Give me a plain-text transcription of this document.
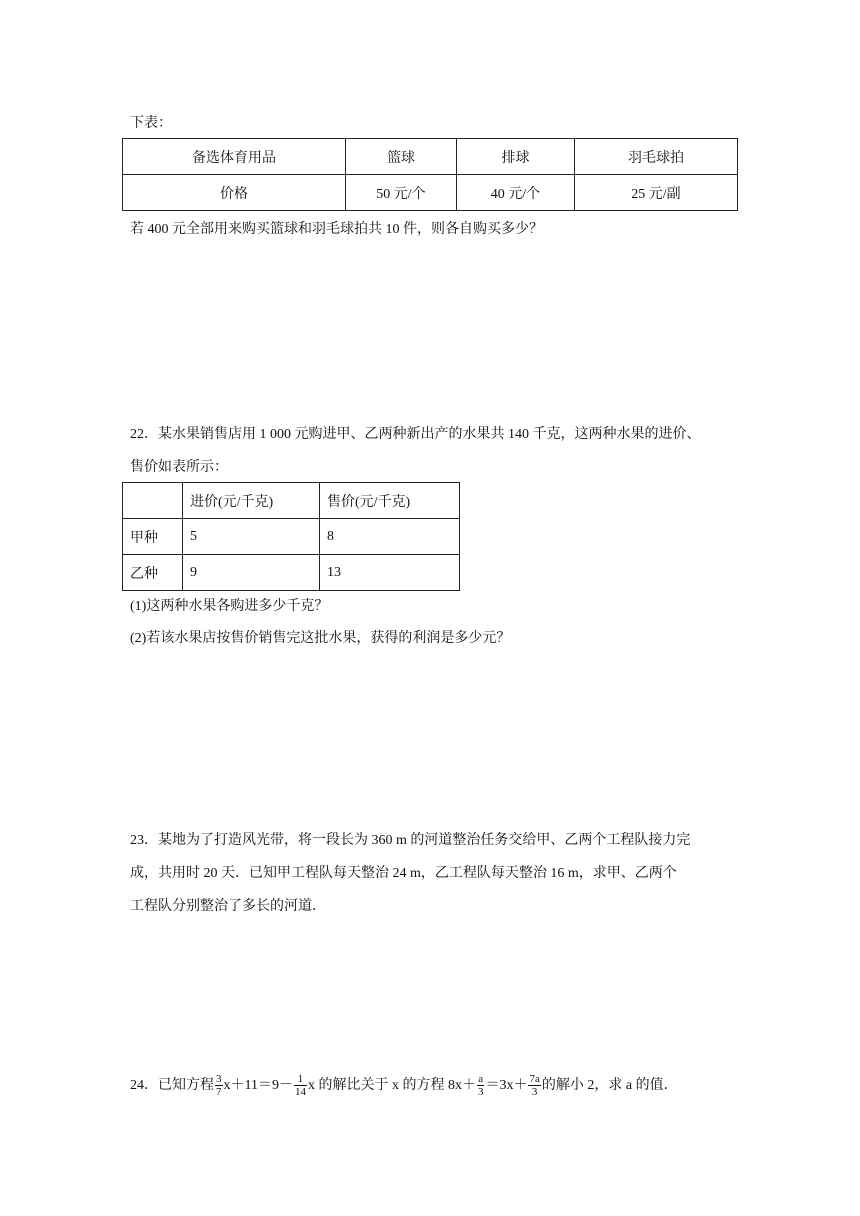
下表：
备选体育用品	篮球	排球	羽毛球拍
价格	50 元/个	40 元/个	25 元/副
若 400 元全部用来购买篮球和羽毛球拍共 10 件，则各自购买多少？
22．某水果销售店用 1 000 元购进甲、乙两种新出产的水果共 140 千克，这两种水果的进价、
售价如表所示：
	进价(元/千克)	售价(元/千克)
甲种	5	8
乙种	9	13
(1)这两种水果各购进多少千克？
(2)若该水果店按售价销售完这批水果，获得的利润是多少元？
23．某地为了打造风光带，将一段长为 360 m 的河道整治任务交给甲、乙两个工程队接力完
成，共用时 20 天．已知甲工程队每天整治 24 m，乙工程队每天整治 16 m，求甲、乙两个
工程队分别整治了多长的河道．
24．已知方程 $\frac{3}{7} x+11=9- \frac{1}{14}$ x 的解比关于 x 的方程 $8x+ \frac{a}{3} =3x+ \frac{7a}{3}$ 的解小 2，求 a 的值．
